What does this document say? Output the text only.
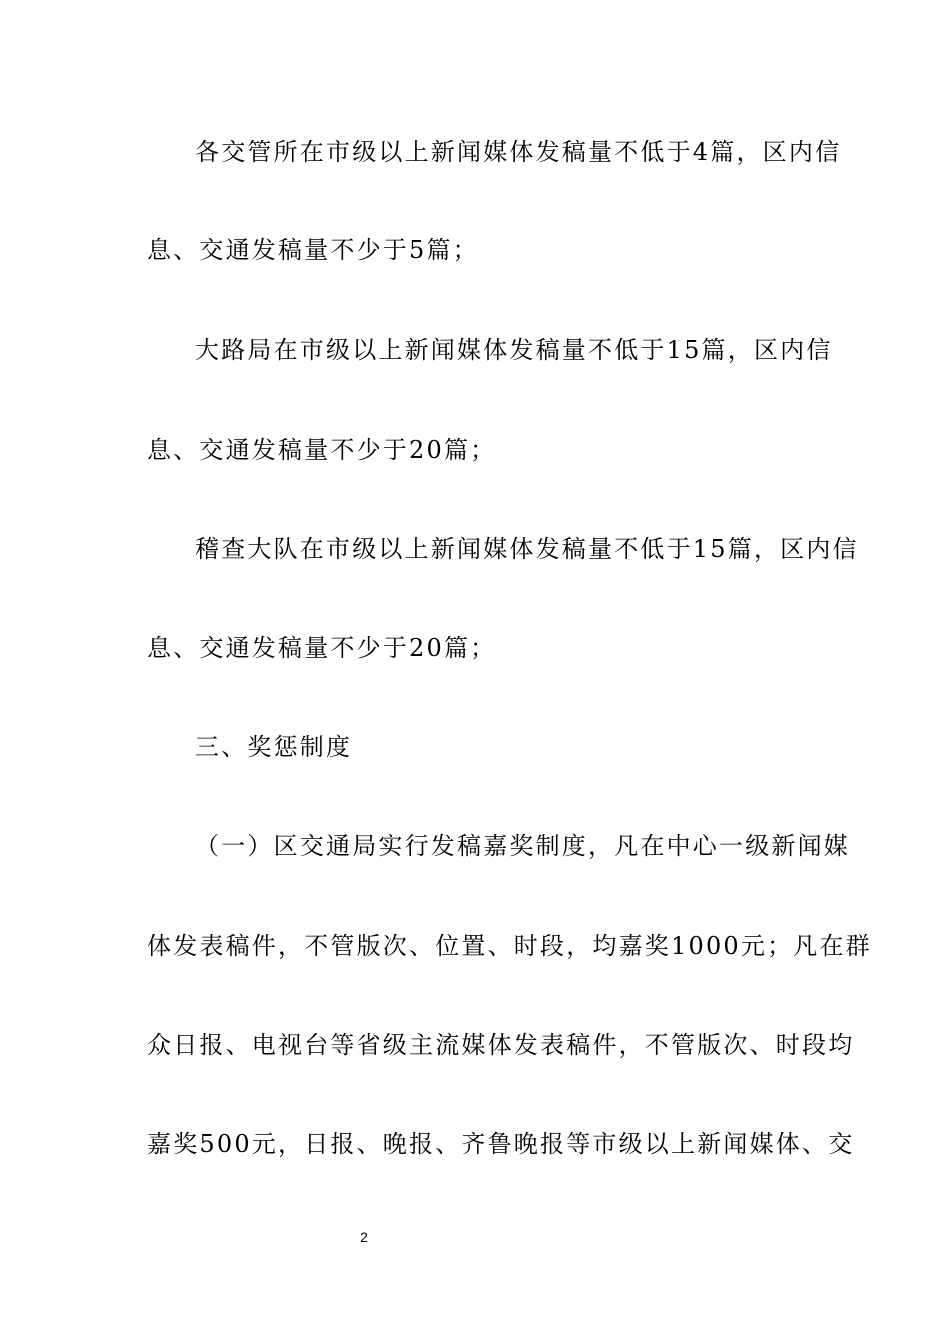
各交管所在市级以上新闻媒体发稿量不低于4篇，区内信
息、交通发稿量不少于5篇；
大路局在市级以上新闻媒体发稿量不低于15篇，区内信
息、交通发稿量不少于20篇；
稽查大队在市级以上新闻媒体发稿量不低于15篇，区内信
息、交通发稿量不少于20篇；
三、奖惩制度
（一）区交通局实行发稿嘉奖制度，凡在中心一级新闻媒
体发表稿件，不管版次、位置、时段，均嘉奖1000元；凡在群
众日报、电视台等省级主流媒体发表稿件，不管版次、时段均
嘉奖500元，日报、晚报、齐鲁晚报等市级以上新闻媒体、交
2
